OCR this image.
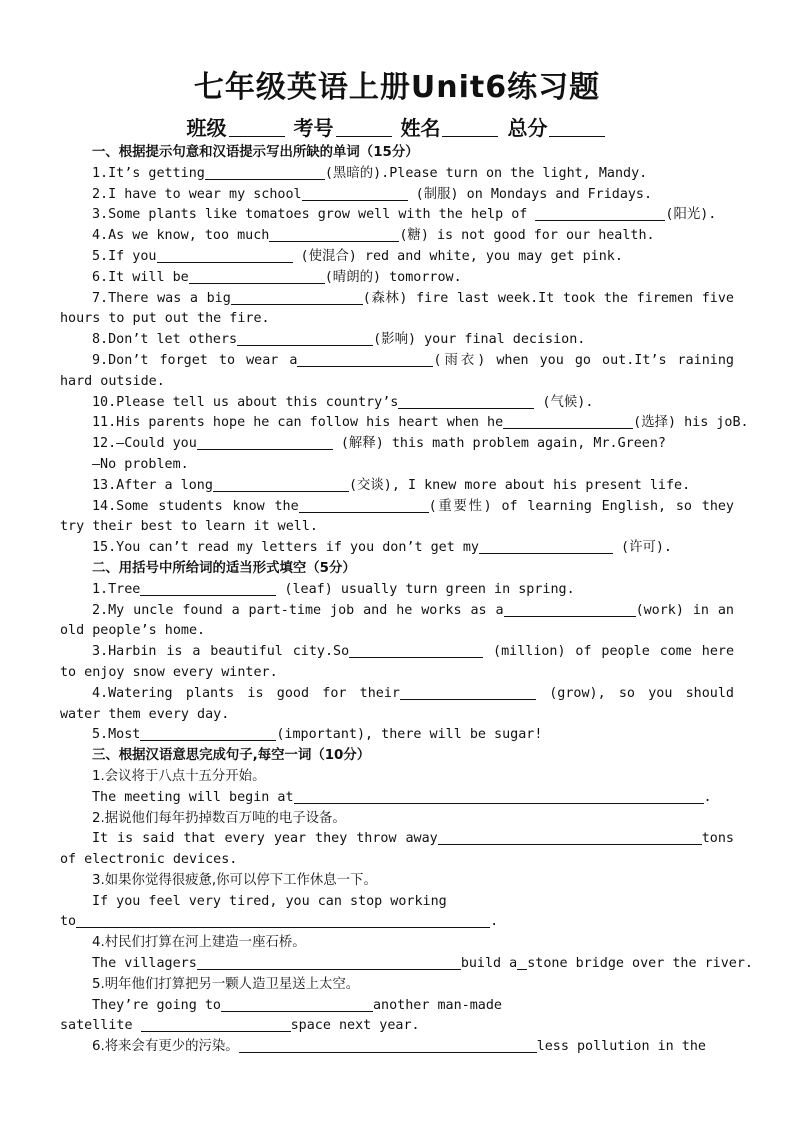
七年级英语上册Unit6练习题
班级	考号	姓名	总分
一、根据提示句意和汉语提示写出所缺的单词（15分）
1.It’s getting	(黑暗的).Please turn on the light, Mandy.
2.I have to wear my school	(制服) on Mondays and Fridays.
3.Some plants like tomatoes grow well with the help of	(阳光).
4.As we know, too much	(糖) is not good for our health.
5.If you	(使混合) red and white, you may get pink.
6.It will be	(晴朗的) tomorrow.
7.There was a big	(森林) fire last week.It took the firemen five hours to put out the fire.
8.Don’t let others	(影响) your final decision.
9.Don’t forget to wear a	(雨衣) when you go out.It’s raining hard outside.
10.Please tell us about this country’s	(气候).
11.His parents hope he can follow his heart when he	(选择) his joB.
12.—Could you	(解释) this math problem again, Mr.Green?
—No problem.
13.After a long	(交谈), I knew more about his present life.
14.Some students know the	(重要性) of learning English, so they try their best to learn it well.
15.You can’t read my letters if you don’t get my	(许可).
二、用括号中所给词的适当形式填空（5分）
1.Tree	(leaf) usually turn green in spring.
2.My uncle found a part-time job and he works as a	(work) in an old people’s home.
3.Harbin is a beautiful city.So	(million) of people come here to enjoy snow every winter.
4.Watering plants is good for their	(grow), so you should water them every day.
5.Most	(important), there will be sugar!
三、根据汉语意思完成句子,每空一词（10分）
1.会议将于八点十五分开始。
The meeting will begin at	.
2.据说他们每年扔掉数百万吨的电子设备。
It is said that every year they throw away	tons of electronic devices.
3.如果你觉得很疲惫,你可以停下工作休息一下。
If you feel very tired, you can stop working
to	.
4.村民们打算在河上建造一座石桥。
The villagers	build a stone bridge over the river.
5.明年他们打算把另一颗人造卫星送上太空。
They’re going to	another man-made
satellite	space next year.
6.将来会有更少的污染。	less pollution in the
